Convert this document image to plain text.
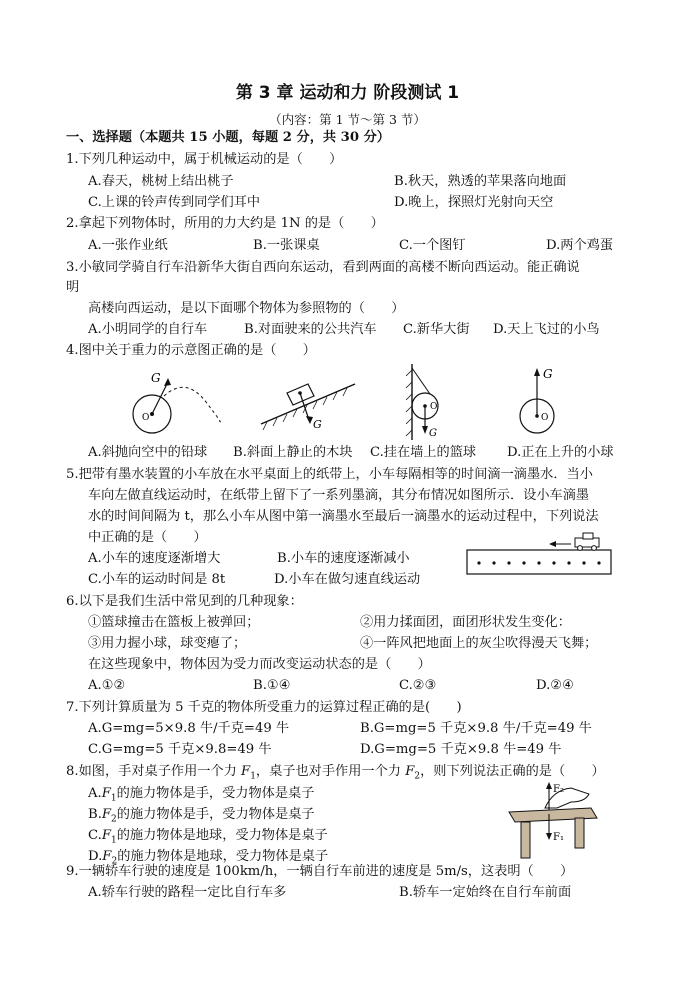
第 3 章 运动和力 阶段测试 1
（内容：第 1 节～第 3 节）
一、选择题（本题共 15 小题，每题 2 分，共 30 分）
1.下列几种运动中，属于机械运动的是（　　）
A.春天，桃树上结出桃子	B.秋天，熟透的苹果落向地面
C.上课的铃声传到同学们耳中	D.晚上，探照灯光射向天空
2.拿起下列物体时，所用的力大约是 1N 的是（　　）
A.一张作业纸	B.一张课桌	C.一个图钉	D.两个鸡蛋
3.小敏同学骑自行车沿新华大街自西向东运动，看到两面的高楼不断向西运动。能正确说
明
高楼向西运动，是以下面哪个物体为参照物的（　　）
A.小明同学的自行车	B.对面驶来的公共汽车 C.新华大街 D.天上飞过的小鸟
4.图中关于重力的示意图正确的是（　　）
G
O	G
O
G
G
O
A.斜抛向空中的铅球 B.斜面上静止的木块 C.挂在墙上的篮球 D.正在上升的小球
5.把带有墨水装置的小车放在水平桌面上的纸带上，小车每隔相等的时间滴一滴墨水．当小
车向左做直线运动时，在纸带上留下了一系列墨滴，其分布情况如图所示．设小车滴墨
水的时间间隔为 t，那么小车从图中第一滴墨水至最后一滴墨水的运动过程中，下列说法
中正确的是（　　）
A.小车的速度逐渐增大	B.小车的速度逐渐减小
C.小车的运动时间是 8t	D.小车在做匀速直线运动
6.以下是我们生活中常见到的几种现象：
①篮球撞击在篮板上被弹回；	②用力揉面团，面团形状发生变化：
③用力握小球，球变瘪了；	④一阵风把地面上的灰尘吹得漫天飞舞；
在这些现象中，物体因为受力而改变运动状态的是（　　）
A.①②	B.①④	C.②③	D.②④
7.下列计算质量为 5 千克的物体所受重力的运算过程正确的是(　　)
A.G=mg=5×9.8 牛/千克=49 牛	B.G=mg=5 千克×9.8 牛/千克=49 牛
C.G=mg=5 千克×9.8=49 牛	D.G=mg=5 千克×9.8 牛=49 牛
8.如图，手对桌子作用一个力 $F_1$，桌子也对手作用一个力 $F_2$，则下列说法正确的是（　　）
$A.F_1$的施力物体是手，受力物体是桌子
$B.F_2$的施力物体是手，受力物体是桌子
$C.F_1$的施力物体是地球，受力物体是桌子
$D.F_2$的施力物体是地球，受力物体是桌子
F₂
F₁
9.一辆轿车行驶的速度是 100km/h，一辆自行车前进的速度是 5m/s，这表明（　　）
A.轿车行驶的路程一定比自行车多	B.轿车一定始终在自行车前面
